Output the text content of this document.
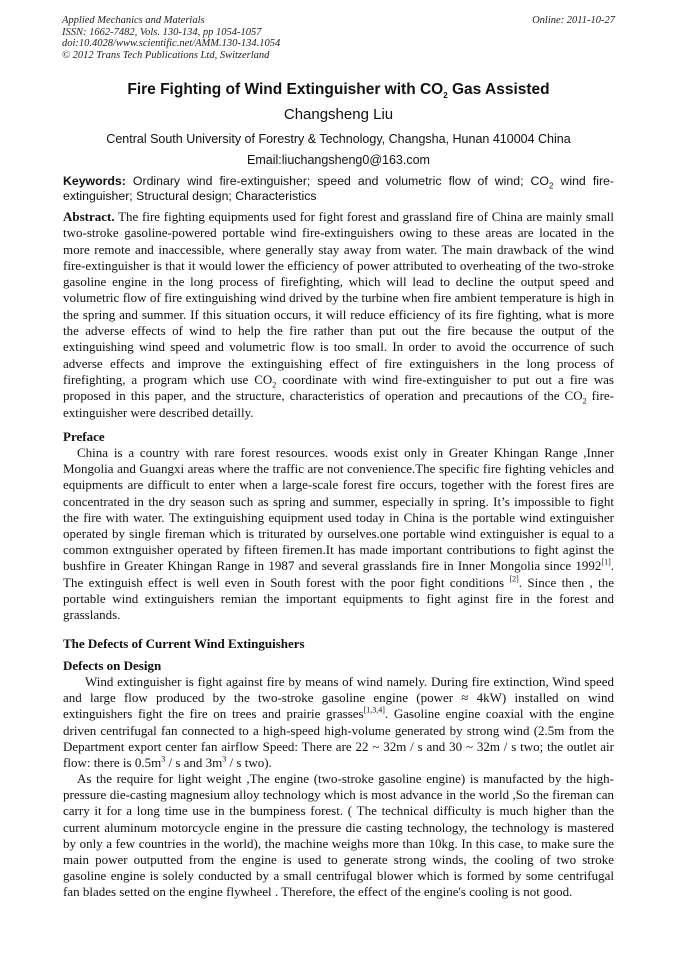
Applied Mechanics and Materials
ISSN: 1662-7482, Vols. 130-134, pp 1054-1057
doi:10.4028/www.scientific.net/AMM.130-134.1054
© 2012 Trans Tech Publications Ltd, Switzerland
Online: 2011-10-27
Fire Fighting of Wind Extinguisher with $CO_2$ Gas Assisted
Changsheng Liu
Central South University of Forestry & Technology, Changsha, Hunan 410004 China
Email:liuchangsheng0@163.com
Keywords: Ordinary wind fire-extinguisher; speed and volumetric flow of wind; $CO_2$ wind fire-extinguisher; Structural design; Characteristics
Abstract. The fire fighting equipments used for fight forest and grassland fire of China are mainly small two-stroke gasoline-powered portable wind fire-extinguishers owing to these areas are located in the more remote and inaccessible, where generally stay away from water. The main drawback of the wind fire-extinguisher is that it would lower the efficiency of power attributed to overheating of the two-stroke gasoline engine in the long process of firefighting, which will lead to decline the output speed and volumetric flow of fire extinguishing wind drived by the turbine when fire ambient temperature is high in the spring and summer. If this situation occurs, it will reduce efficiency of its fire fighting, what is more the adverse effects of wind to help the fire rather than put out the fire because the output of the extinguishing wind speed and volumetric flow is too small. In order to avoid the occurrence of such adverse effects and improve the extinguishing effect of fire extinguishers in the long process of firefighting, a program which use $CO_2$ coordinate with wind fire-extinguisher to put out a fire was proposed in this paper, and the structure, characteristics of operation and precautions of the $CO_2$ fire-extinguisher were described detailly.
Preface
China is a country with rare forest resources. woods exist only in Greater Khingan Range ,Inner Mongolia and Guangxi areas where the traffic are not convenience.The specific fire fighting vehicles and equipments are difficult to enter when a large-scale forest fire occurs, together with the forest fires are concentrated in the dry season such as spring and summer, especially in spring. It’s impossible to fight the fire with water. The extinguishing equipment used today in China is the portable wind extinguisher operated by single fireman which is triturated by ourselves.one portable wind extinguisher is equal to a common extnguisher operated by fifteen firemen.It has made important contributions to fight aginst the bushfire in Greater Khingan Range in 1987 and several grasslands fire in Inner Mongolia since 1992[1]. The extinguish effect is well even in South forest with the poor fight conditions [2]. Since then , the portable wind extinguishers remian the important equipments to fight aginst fire in the forest and grasslands.
The Defects of Current Wind Extinguishers
Defects on Design
Wind extinguisher is fight against fire by means of wind namely. During fire extinction, Wind speed and large flow produced by the two-stroke gasoline engine (power ≈ 4kW) installed on wind extinguishers fight the fire on trees and prairie grasses[1,3,4]. Gasoline engine coaxial with the engine driven centrifugal fan connected to a high-speed high-volume generated by strong wind (2.5m from the Department export center fan airflow Speed: There are 22 ~ 32m / s and 30 ~ 32m / s two; the outlet air flow: there is $0.5m^3$ / s and $3m^3$ / s two).
As the require for light weight ,The engine (two-stroke gasoline engine) is manufacted by the high-pressure die-casting magnesium alloy technology which is most advance in the world ,So the fireman can carry it for a long time use in the bumpiness forest. ( The technical difficulty is much higher than the current aluminum motorcycle engine in the pressure die casting technology, the technology is mastered by only a few countries in the world), the machine weighs more than 10kg. In this case, to make sure the main power outputted from the engine is used to generate strong winds, the cooling of two stroke gasoline engine is solely conducted by a small centrifugal blower which is formed by some centrifugal fan blades setted on the engine flywheel . Therefore, the effect of the engine's cooling is not good.
